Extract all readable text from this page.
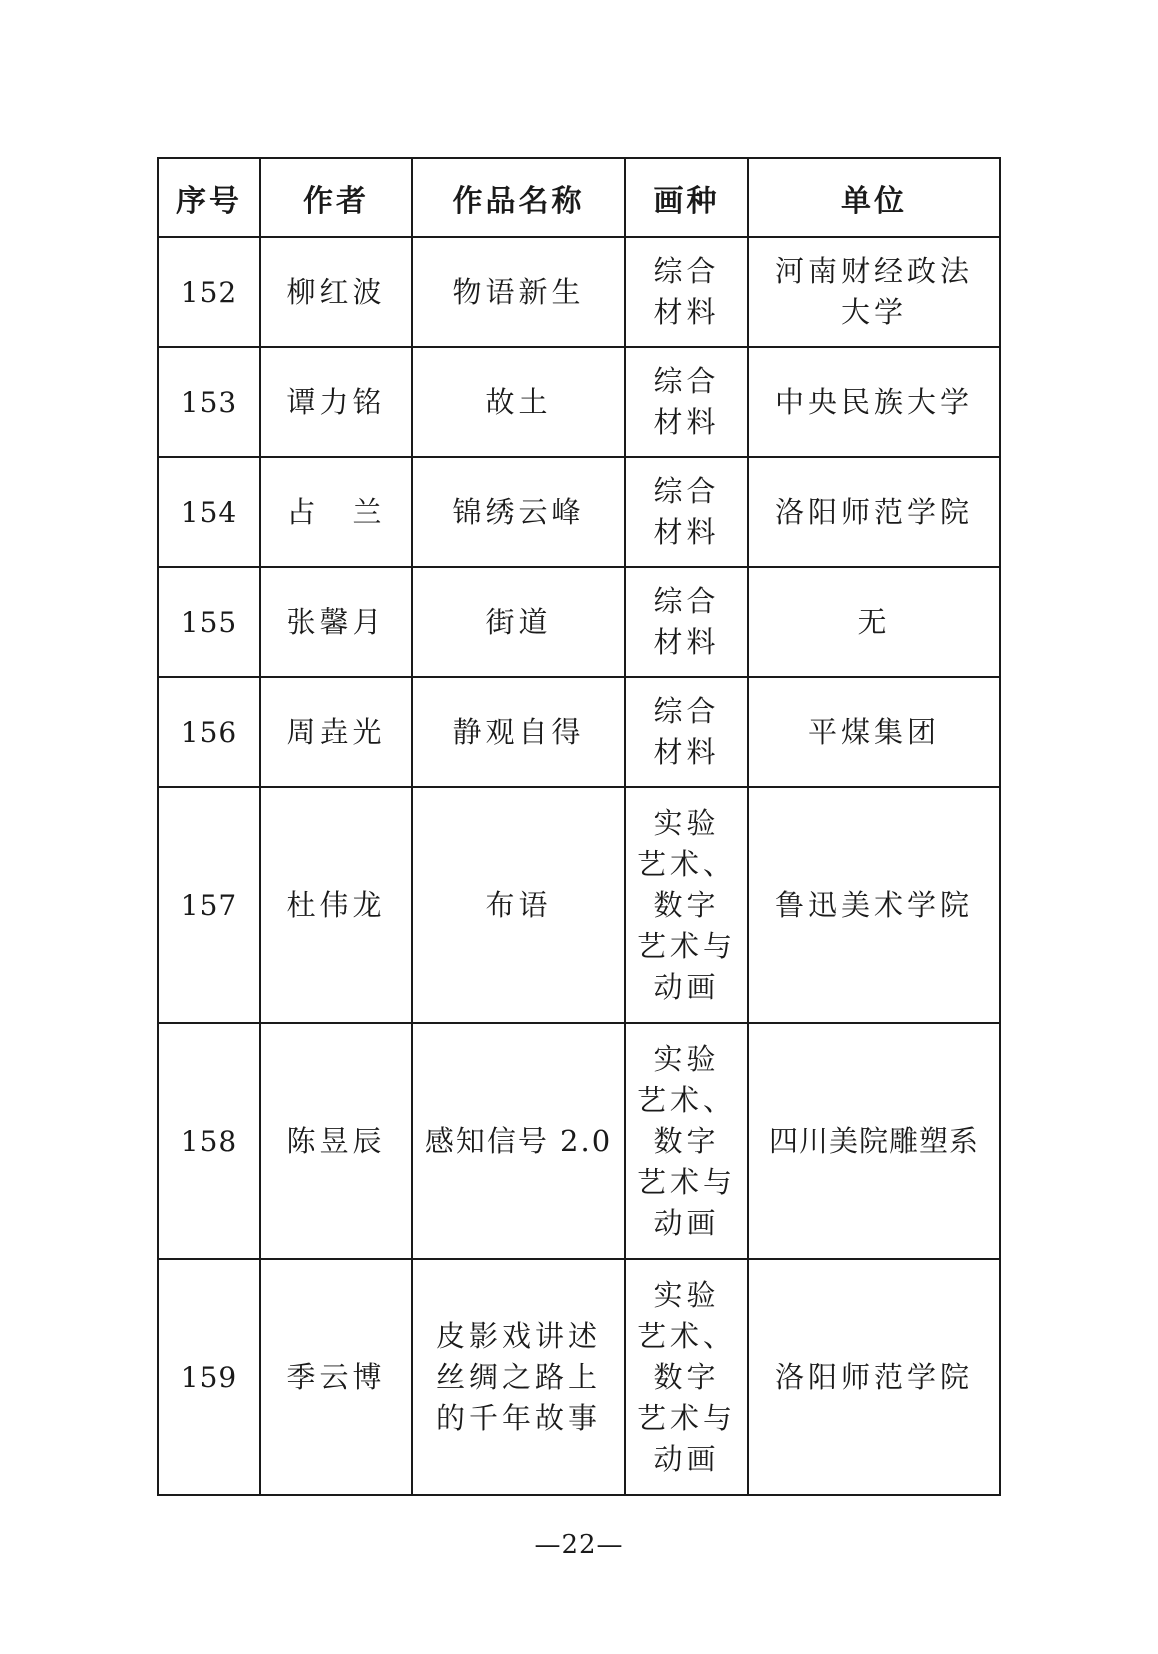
序号	作者	作品名称	画种	单位
152	柳红波	物语新生	综合
材料	河南财经政法
大学

153	谭力铭	故土	综合
材料	中央民族大学

154	占　兰	锦绣云峰	综合
材料	洛阳师范学院

155	张馨月	街道	综合
材料	无

156	周垚光	静观自得	综合
材料	平煤集团

157	杜伟龙	布语	实验
艺术、
数字
艺术与
动画	鲁迅美术学院

158	陈昱辰	感知信号 2.0	实验
艺术、
数字
艺术与
动画	四川美院雕塑系

159	季云博	皮影戏讲述
丝绸之路上
的千年故事	实验
艺术、
数字
艺术与
动画	洛阳师范学院
—22—
